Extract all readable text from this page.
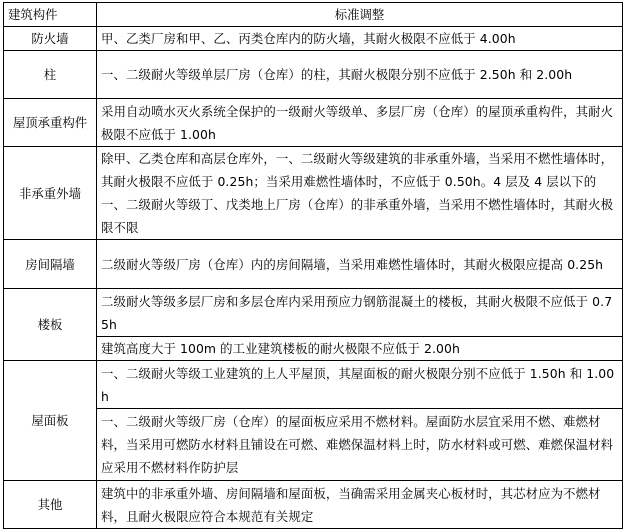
建筑构件	标准调整
防火墙	甲、乙类厂房和甲、乙、丙类仓库内的防火墙，其耐火极限不应低于 4.00h
柱	一、二级耐火等级单层厂房（仓库）的柱，其耐火极限分别不应低于 2.50h 和 2.00h
屋顶承重构件	采用自动喷水灭火系统全保护的一级耐火等级单、多层厂房（仓库）的屋顶承重构件，其耐火极限不应低于 1.00h
非承重外墙	除甲、乙类仓库和高层仓库外，一、二级耐火等级建筑的非承重外墙，当采用不燃性墙体时，其耐火极限不应低于 0.25h；当采用难燃性墙体时，不应低于 0.50h。4 层及 4 层以下的一、二级耐火等级丁、戊类地上厂房（仓库）的非承重外墙，当采用不燃性墙体时，其耐火极限不限
房间隔墙	二级耐火等级厂房（仓库）内的房间隔墙，当采用难燃性墙体时，其耐火极限应提高 0.25h
楼板	二级耐火等级多层厂房和多层仓库内采用预应力钢筋混凝土的楼板，其耐火极限不应低于 0.75h
	建筑高度大于 100m 的工业建筑楼板的耐火极限不应低于 2.00h
屋面板	一、二级耐火等级工业建筑的上人平屋顶，其屋面板的耐火极限分别不应低于 1.50h 和 1.00h
	一、二级耐火等级厂房（仓库）的屋面板应采用不燃材料。屋面防水层宜采用不燃、难燃材料，当采用可燃防水材料且铺设在可燃、难燃保温材料上时，防水材料或可燃、难燃保温材料应采用不燃材料作防护层
其他	建筑中的非承重外墙、房间隔墙和屋面板，当确需采用金属夹心板材时，其芯材应为不燃材料，且耐火极限应符合本规范有关规定
